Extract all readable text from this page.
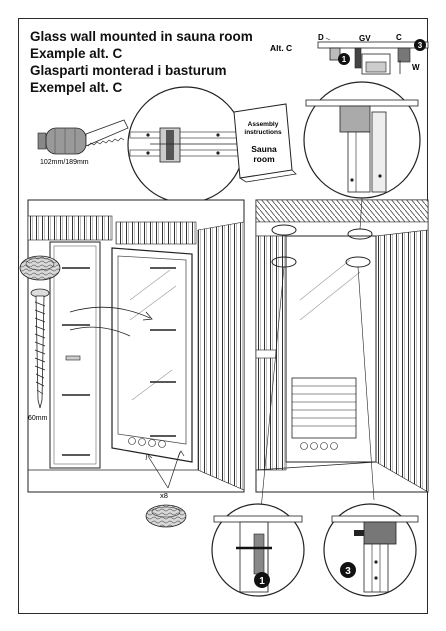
Glass wall mounted in sauna room
Example alt. C
Glasparti monterad i basturum
Exempel alt. C
Alt. C
D	GV	C
W
1
3
102mm/189mm
Assembly
instructions
Sauna
room
60mm
x8
1
3
